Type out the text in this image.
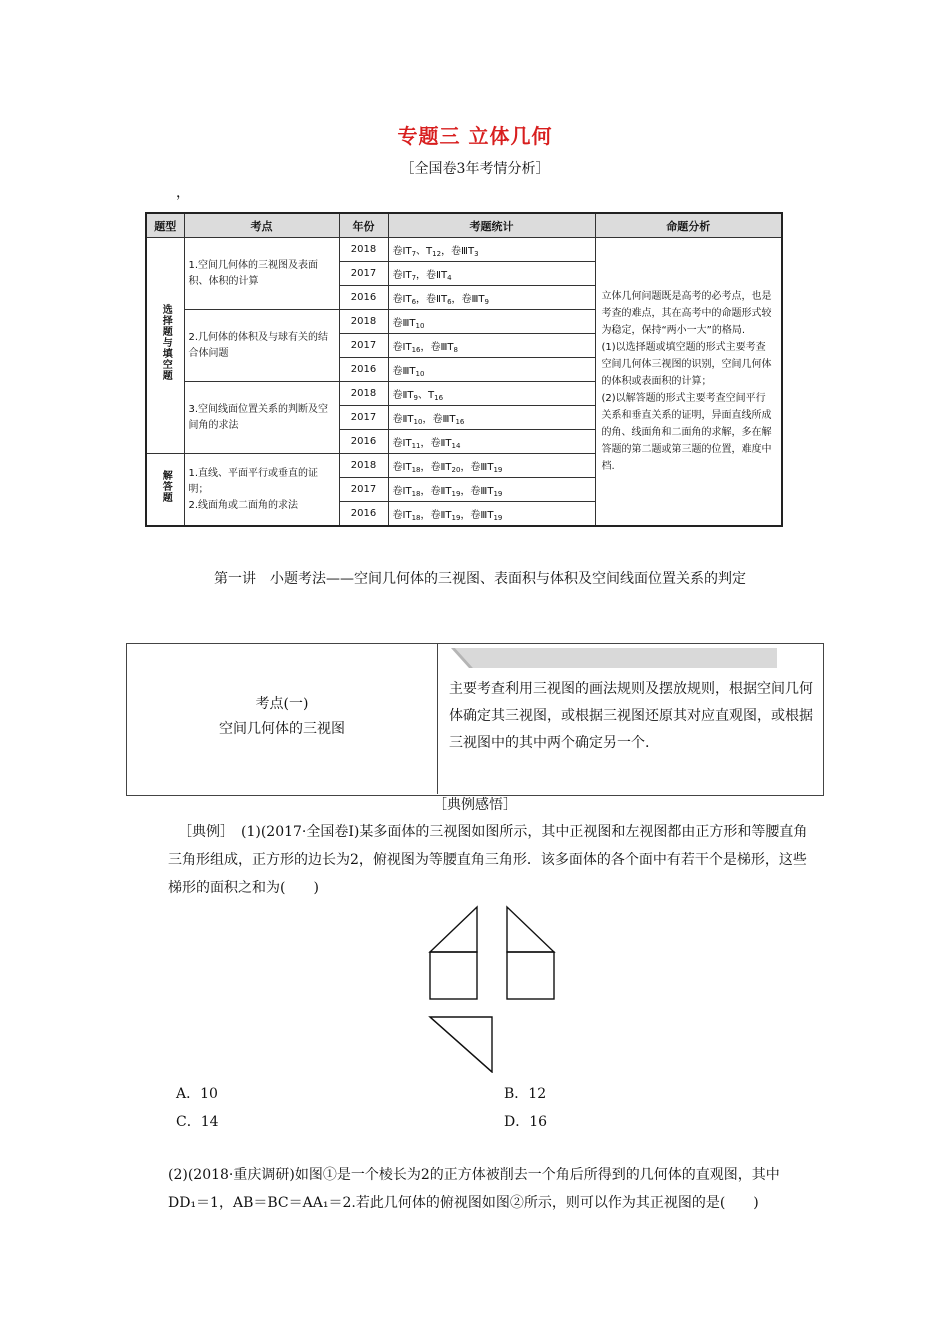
专题三 立体几何
［全国卷3年考情分析］
，
题型	考点	年份	考题统计	命题分析
选择题与填空题	1.空间几何体的三视图及表面积、体积的计算	2018	卷$ⅠT_7$、$T_{12}$，卷$ⅢT_3$	立体几何问题既是高考的必考点，也是考查的难点，其在高考中的命题形式较为稳定，保持“两小一大”的格局.
(1)以选择题或填空题的形式主要考查空间几何体三视图的识别，空间几何体的体积或表面积的计算；
(2)以解答题的形式主要考查空间平行关系和垂直关系的证明，异面直线所成的角、线面角和二面角的求解，多在解答题的第二题或第三题的位置，难度中档.
		2017	卷$ⅠT_7$，卷$ⅡT_4$
		2016	卷$ⅠT_6$，卷$ⅡT_6$，卷$ⅢT_9$
	2.几何体的体积及与球有关的结合体问题	2018	卷$ⅢT_{10}$
		2017	卷$ⅠT_{16}$，卷$ⅢT_8$
		2016	卷$ⅢT_{10}$
	3.空间线面位置关系的判断及空间角的求法	2018	卷$ⅡT_9$、$T_{16}$
		2017	卷$ⅡT_{10}$，卷$ⅢT_{16}$
		2016	卷$ⅠT_{11}$，卷$ⅡT_{14}$
解答题	1.直线、平面平行或垂直的证明；
2.线面角或二面角的求法	2018	卷$ⅠT_{18}$，卷$ⅡT_{20}$，卷$ⅢT_{19}$
		2017	卷$ⅠT_{18}$，卷$ⅡT_{19}$，卷$ⅢT_{19}$
		2016	卷$ⅠT_{18}$，卷$ⅡT_{19}$，卷$ⅢT_{19}$
第一讲　小题考法——空间几何体的三视图、表面积与体积及空间线面位置关系的判定
考点(一)
空间几何体的三视图
主要考查利用三视图的画法规则及摆放规则，根据空间几何体确定其三视图，或根据三视图还原其对应直观图，或根据三视图中的其中两个确定另一个.
［典例感悟］
［典例］　(1)(2017·全国卷Ⅰ)某多面体的三视图如图所示，其中正视图和左视图都由正方形和等腰直角三角形组成，正方形的边长为2，俯视图为等腰直角三角形．该多面体的各个面中有若干个是梯形，这些梯形的面积之和为(　　)
A．10	B．12
C．14	D．16
(2)(2018·重庆调研)如图①是一个棱长为2的正方体被削去一个角后所得到的几何体的直观图，其中 DD₁＝1，AB＝BC＝AA₁＝2.若此几何体的俯视图如图②所示，则可以作为其正视图的是(　　)
